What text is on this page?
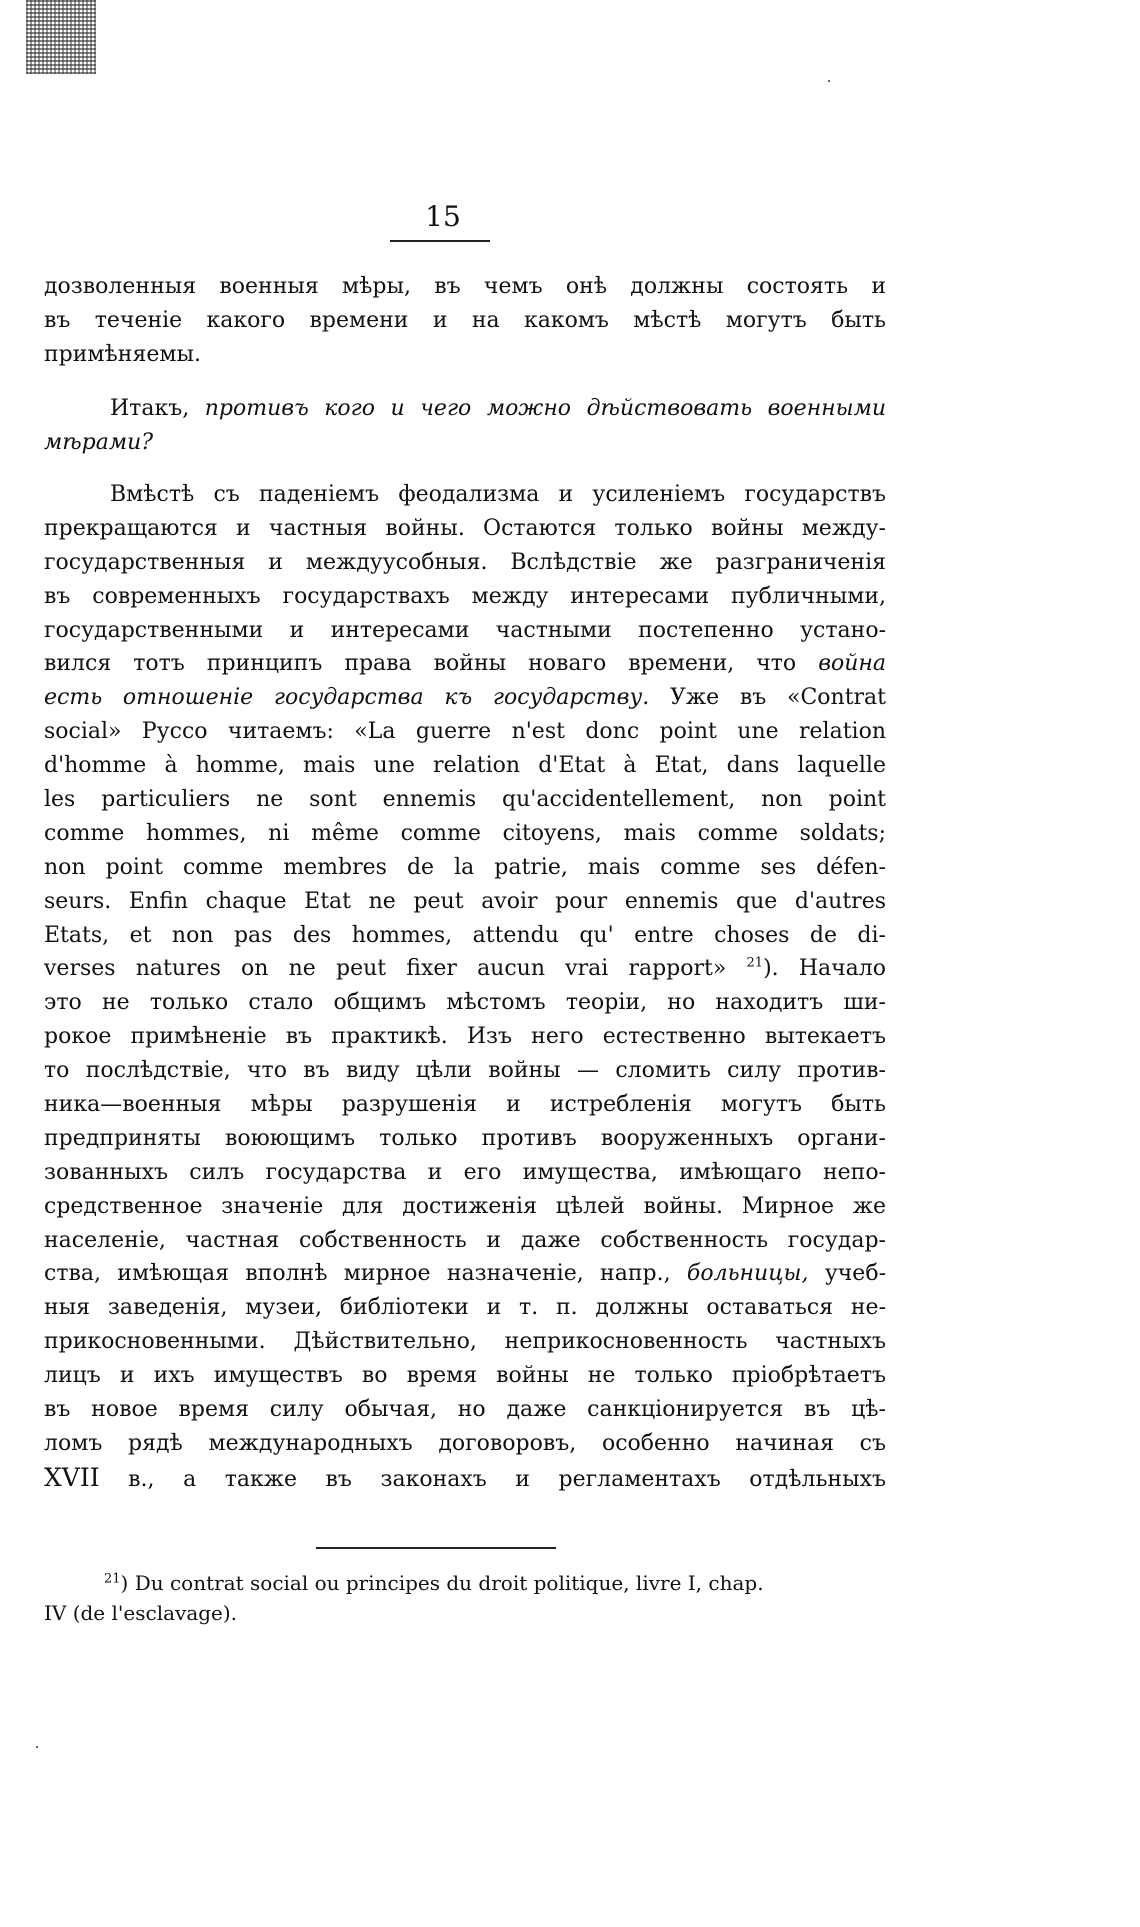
15
дозволенныя военныя мѣры, въ чемъ онѣ должны состоять и
въ теченіе какого времени и на какомъ мѣстѣ могутъ быть
примѣняемы.
Итакъ, противъ кого и чего можно дѣйствовать военными
мѣрами?
Вмѣстѣ съ паденіемъ феодализма и усиленіемъ государствъ
прекращаются и частныя войны. Остаются только войны между-
государственныя и междуусобныя. Вслѣдствіе же разграниченія
въ современныхъ государствахъ между интересами публичными,
государственными и интересами частными постепенно устано-
вился тотъ принципъ права войны новаго времени, что война
есть отношеніе государства къ государству. Уже въ «Contrat
social» Руссо читаемъ: «La guerre n'est donc point une relation
d'homme à homme, mais une relation d'Etat à Etat, dans laquelle
les particuliers ne sont ennemis qu'accidentellement, non point
comme hommes, ni même comme citoyens, mais comme soldats;
non point comme membres de la patrie, mais comme ses défen-
seurs. Enfin chaque Etat ne peut avoir pour ennemis que d'autres
Etats, et non pas des hommes, attendu qu' entre choses de di-
verses natures on ne peut fixer aucun vrai rapport» $^{21}$). Начало
это не только стало общимъ мѣстомъ теоріи, но находитъ ши-
рокое примѣненіе въ практикѣ. Изъ него естественно вытекаетъ
то послѣдствіе, что въ виду цѣли войны — сломить силу против-
ника—военныя мѣры разрушенія и истребленія могутъ быть
предприняты воюющимъ только противъ вооруженныхъ органи-
зованныхъ силъ государства и его имущества, имѣющаго непо-
средственное значеніе для достиженія цѣлей войны. Мирное же
населеніе, частная собственность и даже собственность государ-
ства, имѣющая вполнѣ мирное назначеніе, напр., больницы, учеб-
ныя заведенія, музеи, библіотеки и т. п. должны оставаться не-
прикосновенными. Дѣйствительно, неприкосновенность частныхъ
лицъ и ихъ имуществъ во время войны не только пріобрѣтаетъ
въ новое время силу обычая, но даже санкціонируется въ цѣ-
ломъ рядѣ международныхъ договоровъ, особенно начиная съ
XVII в., а также въ законахъ и регламентахъ отдѣльныхъ
$^{21}$) Du contrat social ou principes du droit politique, livre I, chap.
IV (de l'esclavage).
